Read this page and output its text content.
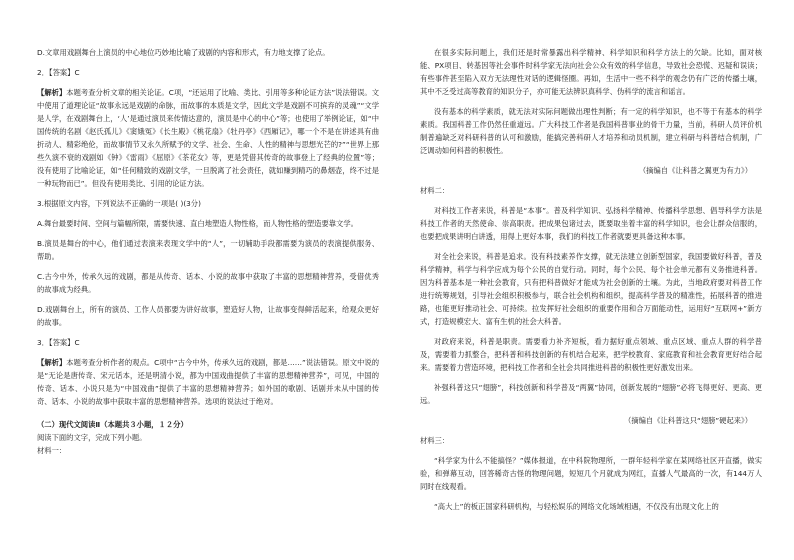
D.文章用戏剧舞台上演员的中心地位巧妙地比喻了戏剧的内容和形式，有力地支撑了论点。

2．【答案】C

【解析】本题考查分析文章的相关论证。C项，“还运用了比喻、类比、引用等多种论证方法”说法错误。文中使用了道理论证“故事永远是戏剧的命脉，而故事的本质是文学，因此文学是戏剧不可摈弃的灵魂”“文学是人学，在戏剧舞台上，‘人’是通过演员来传情达意的，演员是中心的中心”等；也使用了举例论证，如“中国传统的名剧《赵氏孤儿》《窦娥冤》《长生殿》《桃花扇》《牡丹亭》《西厢记》，哪一个不是在讲述具有曲折动人、精彩绝伦，而故事情节又永久所赋予的文学、社会、生命、人性的精神与思想光芒的?”“世界上那些久演不衰的戏剧如《钟》《雷雨》《屈原》《茶花女》等，更是凭借其传奇的故事登上了经典的位置”等；没有使用了比喻论证，如“任何精致的戏剧文学，一旦脱离了社会责任，就如赚到精巧的鼻烟壶，终不过是一种玩物而已”。但没有使用类比、引用的论证方法。

3.根据原文内容，下列说法不正确的一项是( )(3分)

A.舞台最要时间、空间与篇幅所限，需要快速、直白地塑造人物性格，而人物性格的塑造要靠文学。

B.演员是舞台的中心，他们通过表演来表现文学中的“人”，一切辅助手段都需要为演员的表演提供服务、帮助。

C.古今中外，传承久远的戏剧，都是从传奇、话本、小说的故事中获取了丰富的思想精神营养，受借优秀的故事成为经典。

D.戏剧舞台上，所有的演员、工作人员都要为讲好故事，塑造好人物，让故事变得鲜活起来，给观众更好的故事。

3．【答案】C

【解析】本题考查分析作者的观点。C项中“古今中外，传承久远的戏剧，都是……”说法错误。原文中说的是“无论是唐传奇、宋元话本，还是明清小说，都为中国戏曲提供了丰富的思想精神营养”，可见，中国的传奇、话本、小说只是为“中国戏曲”提供了丰富的思想精神营养；如外国的歌剧、话剧并未从中国的传奇、话本、小说的故事中获取丰富的思想精神营养。选项的说法过于绝对。

（二）现代文阅读Ⅱ（本题共３小题，１２分）

阅读下面的文字，完成下列小题。

材料一：

在很多实际问题上，我们还是时常暴露出科学精神、科学知识和科学方法上的欠缺。比如，面对核能、PX项目、转基因等社会事件时科学家无法向社会公众有效的科学信息，导致社会恐慌、迟疑和误读；有些事件甚至陷入双方无法理性对话的逻辑怪圈。再如，生活中一些不科学的观念仍有广泛的传播土壤，其中不乏受过高等教育的知识分子，亦可能无法辨识真科学、伪科学的流言和谣言。

没有基本的科学素质，就无法对实际问题做出理性判断；有一定的科学知识，也不等于有基本的科学素质。我国科普工作仍然任重道远。广大科技工作者是我国科普事业的骨干力量，当前，科研人员评价机制普遍缺乏对科研科普的认可和激励，能搞完善科研人才培养和动员机制，建立科研与科普结合机制，广泛调动如何科普的积极性。

（摘编自《让科普之翼更为有力》）

材料二：

对科技工作者来说，科普是“本事”。普及科学知识、弘扬科学精神、传播科学思想、倡导科学方法是科技工作者的天然使命、崇高职责。把成果包诸过去，既要取坐着丰富的科学知识，也会让群众信服的，也要把成果讲明白讲透，用得上更好本事，我们的科技工作者就要更具备这种本事。

对全社会来说，科普是追求。没有科技素养作支撑，就无法建立创新型国家，我国要做好科普，普及科学精神，科学与科学应成为每个公民的自觉行动。同时，每个公民、每个社会单元都有义务推进科普。因为科普基本是一种社会教育，只有把科普做好才能成为社会创新的土壤。为此，当地政府要对科普工作进行统筹规划，引导社会组织积极参与，联合社会机构和组织，提高科学普及的精准性，拓展科普的推进路，也能更好推动社会、可持续。拉发挥好社会组织的重要作用和合万面能动性，运用好“互联网+”新方式，打造规模宏大、富有生机的社会大科普。

对政府来说，科普是职责。需要看力补齐短板，看力据好重点领域、重点区域、重点人群的科学普及，需要着力抓整合，把科普和科技创新的有机结合起来，把学校教育、家庭教育和社会教育更好结合起来。需要着力营造环境，把科技工作者和全社会共同推进科普的积极性更好激发出来。

补强科普这只“翅膀”，科技创新和科学普及“两翼”协同，创新发展的“翅膀”必将飞得更好、更高、更远。

（摘编自《让科普这只“翅膀”硬起来》）

材料三：

“科学家为什么不能搞怪？”媒体报道，在中科院物理所，一群年轻科学家在某网络社区开直播，做实验，和弹幕互动，回答稀奇古怪的物理问题，短短几个月就成为网红，直播人气最高的一次，有144万人同时在线观看。

“高大上”的板正国家科研机构，与轻松娱乐的网络文化场域相遇，不仅没有出现文化上的
